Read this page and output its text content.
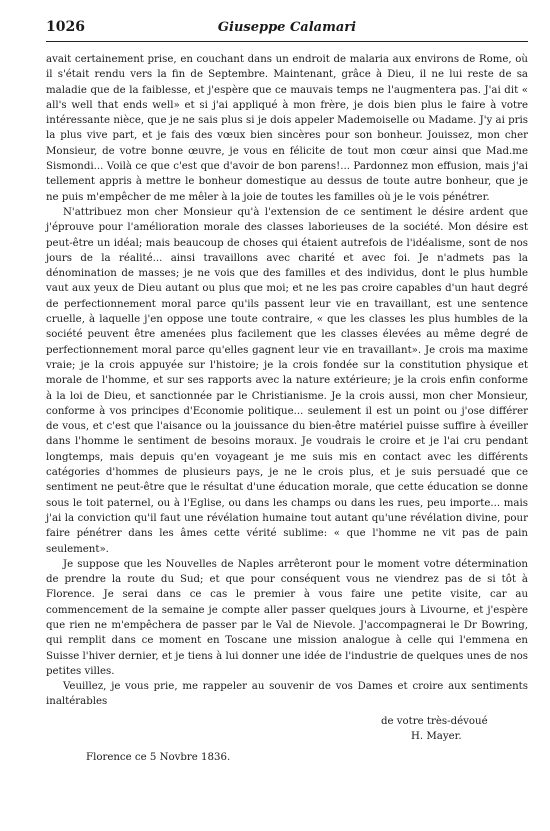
1026	Giuseppe Calamari

avait certainement prise, en couchant dans un endroit de malaria aux environs de Rome, où il s'était rendu vers la fin de Septembre. Maintenant, grâce à Dieu, il ne lui reste de sa maladie que de la faiblesse, et j'espère que ce mauvais temps ne l'augmentera pas. J'ai dit « all's well that ends well» et si j'ai appliqué à mon frère, je dois bien plus le faire à votre intéressante nièce, que je ne sais plus si je dois appeler Mademoiselle ou Madame. J'y ai pris la plus vive part, et je fais des vœux bien sincères pour son bonheur. Jouissez, mon cher Monsieur, de votre bonne œuvre, je vous en félicite de tout mon cœur ainsi que Mad.me Sismondi... Voilà ce que c'est que d'avoir de bon parens!... Pardonnez mon effusion, mais j'ai tellement appris à mettre le bonheur domestique au dessus de toute autre bonheur, que je ne puis m'empêcher de me mêler à la joie de toutes les familles où je le vois pénétrer.

N'attribuez mon cher Monsieur qu'à l'extension de ce sentiment le désire ardent que j'éprouve pour l'amélioration morale des classes laborieuses de la société. Mon désire est peut-être un idéal; mais beaucoup de choses qui étaient autrefois de l'idéalisme, sont de nos jours de la réalité... ainsi travaillons avec charité et avec foi. Je n'admets pas la dénomination de masses; je ne vois que des familles et des individus, dont le plus humble vaut aux yeux de Dieu autant ou plus que moi; et ne les pas croire capables d'un haut degré de perfectionnement moral parce qu'ils passent leur vie en travaillant, est une sentence cruelle, à laquelle j'en oppose une toute contraire, « que les classes les plus humbles de la société peuvent être amenées plus facilement que les classes élevées au même degré de perfectionnement moral parce qu'elles gagnent leur vie en travaillant». Je crois ma maxime vraie; je la crois appuyée sur l'histoire; je la crois fondée sur la constitution physique et morale de l'homme, et sur ses rapports avec la nature extérieure; je la crois enfin conforme à la loi de Dieu, et sanctionnée par le Christianisme. Je la crois aussi, mon cher Monsieur, conforme à vos principes d'Economie politique... seulement il est un point ou j'ose différer de vous, et c'est que l'aisance ou la jouissance du bien-être matériel puisse suffire à éveiller dans l'homme le sentiment de besoins moraux. Je voudrais le croire et je l'ai cru pendant longtemps, mais depuis qu'en voyageant je me suis mis en contact avec les différents catégories d'hommes de plusieurs pays, je ne le crois plus, et je suis persuadé que ce sentiment ne peut-être que le résultat d'une éducation morale, que cette éducation se donne sous le toit paternel, ou à l'Eglise, ou dans les champs ou dans les rues, peu importe... mais j'ai la conviction qu'il faut une révélation humaine tout autant qu'une révélation divine, pour faire pénétrer dans les âmes cette vérité sublime: « que l'homme ne vit pas de pain seulement».

Je suppose que les Nouvelles de Naples arrêteront pour le moment votre détermination de prendre la route du Sud; et que pour conséquent vous ne viendrez pas de si tôt à Florence. Je serai dans ce cas le premier à vous faire une petite visite, car au commencement de la semaine je compte aller passer quelques jours à Livourne, et j'espère que rien ne m'empêchera de passer par le Val de Nievole. J'accompagnerai le Dr Bowring, qui remplit dans ce moment en Toscane une mission analogue à celle qui l'emmena en Suisse l'hiver dernier, et je tiens à lui donner une idée de l'industrie de quelques unes de nos petites villes.

Veuillez, je vous prie, me rappeler au souvenir de vos Dames et croire aux sentiments inaltérables

de votre très-dévoué
H. Mayer.
Florence ce 5 Novbre 1836.
